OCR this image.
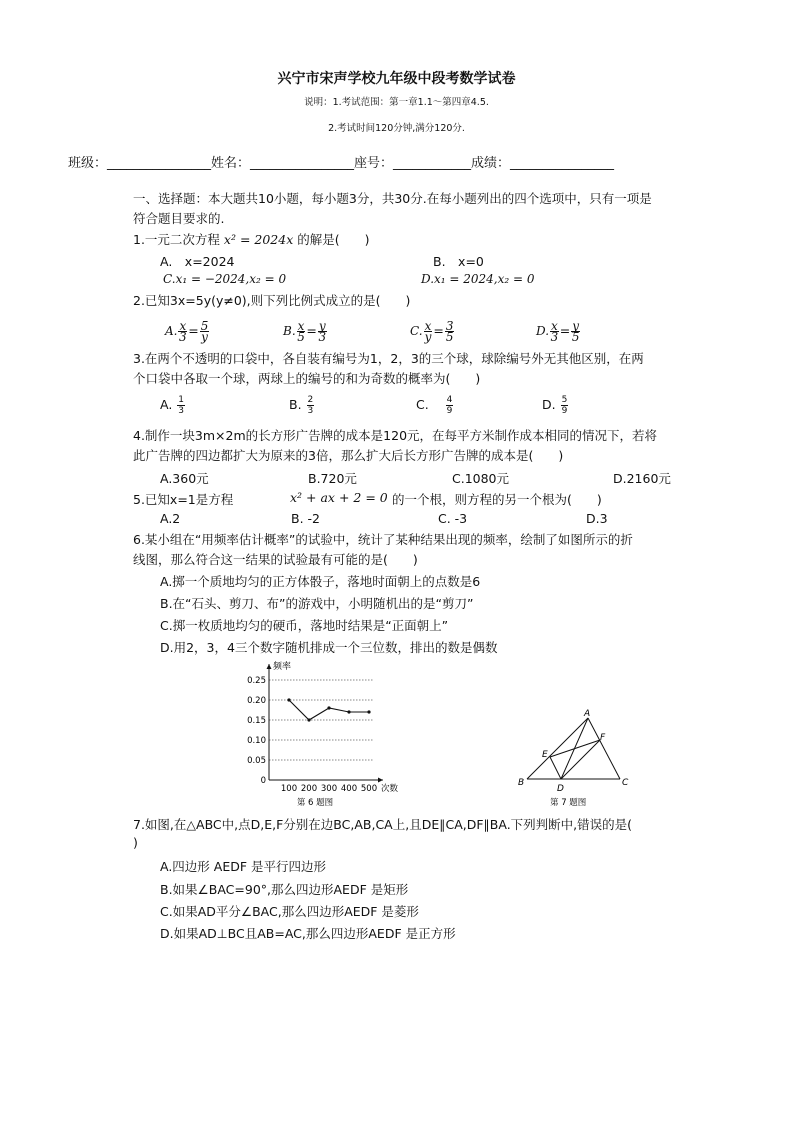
兴宁市宋声学校九年级中段考数学试卷
说明：1.考试范围：第一章1.1～第四章4.5.
2.考试时间120分钟,满分120分.
班级：________________姓名：________________座号：____________成绩：________________
一、选择题：本大题共10小题，每小题3分，共30分.在每小题列出的四个选项中，只有一项是
符合题目要求的.
1.一元二次方程 x² = 2024x 的解是(　　)
A.　x=2024	B.　x=0
C.x₁ = −2024,x₂ = 0	D.x₁ = 2024,x₂ = 0
2.已知3x=5y(y≠0),则下列比例式成立的是(　　)
A. $\frac{x}{3} = \frac{5}{y}$	B. $\frac{x}{5} = \frac{y}{3}$	C. $\frac{x}{y} = \frac{3}{5}$	D. $\frac{x}{3} = \frac{y}{5}$
3.在两个不透明的口袋中，各自装有编号为1，2，3的三个球，球除编号外无其他区别，在两
个口袋中各取一个球，两球上的编号的和为奇数的概率为(　　)
A. $\frac{1}{3}$	B. $\frac{2}{3}$	C. $\frac{4}{9}$	D. $\frac{5}{9}$
4.制作一块3m×2m的长方形广告牌的成本是120元，在每平方米制作成本相同的情况下，若将
此广告牌的四边都扩大为原来的3倍，那么扩大后长方形广告牌的成本是(　　)
A.360元	B.720元	C.1080元	D.2160元
5.已知x=1是方程	x² + ax + 2 = 0 的一个根，则方程的另一个根为(　　)
A.2	B. -2	C. -3	D.3
6.某小组在“用频率估计概率”的试验中，统计了某种结果出现的频率，绘制了如图所示的折
线图，那么符合这一结果的试验最有可能的是(　　)
A.掷一个质地均匀的正方体骰子，落地时面朝上的点数是6
B.在“石头、剪刀、布”的游戏中，小明随机出的是“剪刀”
C.掷一枚质地均匀的硬币，落地时结果是“正面朝上”
D.用2，3，4三个数字随机排成一个三位数，排出的数是偶数
0
0.05
0.10
0.15
0.20
0.25
100 200 300 400 500 次数
频率
第 6 题图
A
B	C
D
E
F
第 7 题图
7.如图,在△ABC中,点D,E,F分别在边BC,AB,CA上,且DE∥CA,DF∥BA.下列判断中,错误的是(
)
A.四边形 AEDF 是平行四边形
B.如果∠BAC=90°,那么四边形AEDF 是矩形
C.如果AD平分∠BAC,那么四边形AEDF 是菱形
D.如果AD⊥BC且AB=AC,那么四边形AEDF 是正方形
